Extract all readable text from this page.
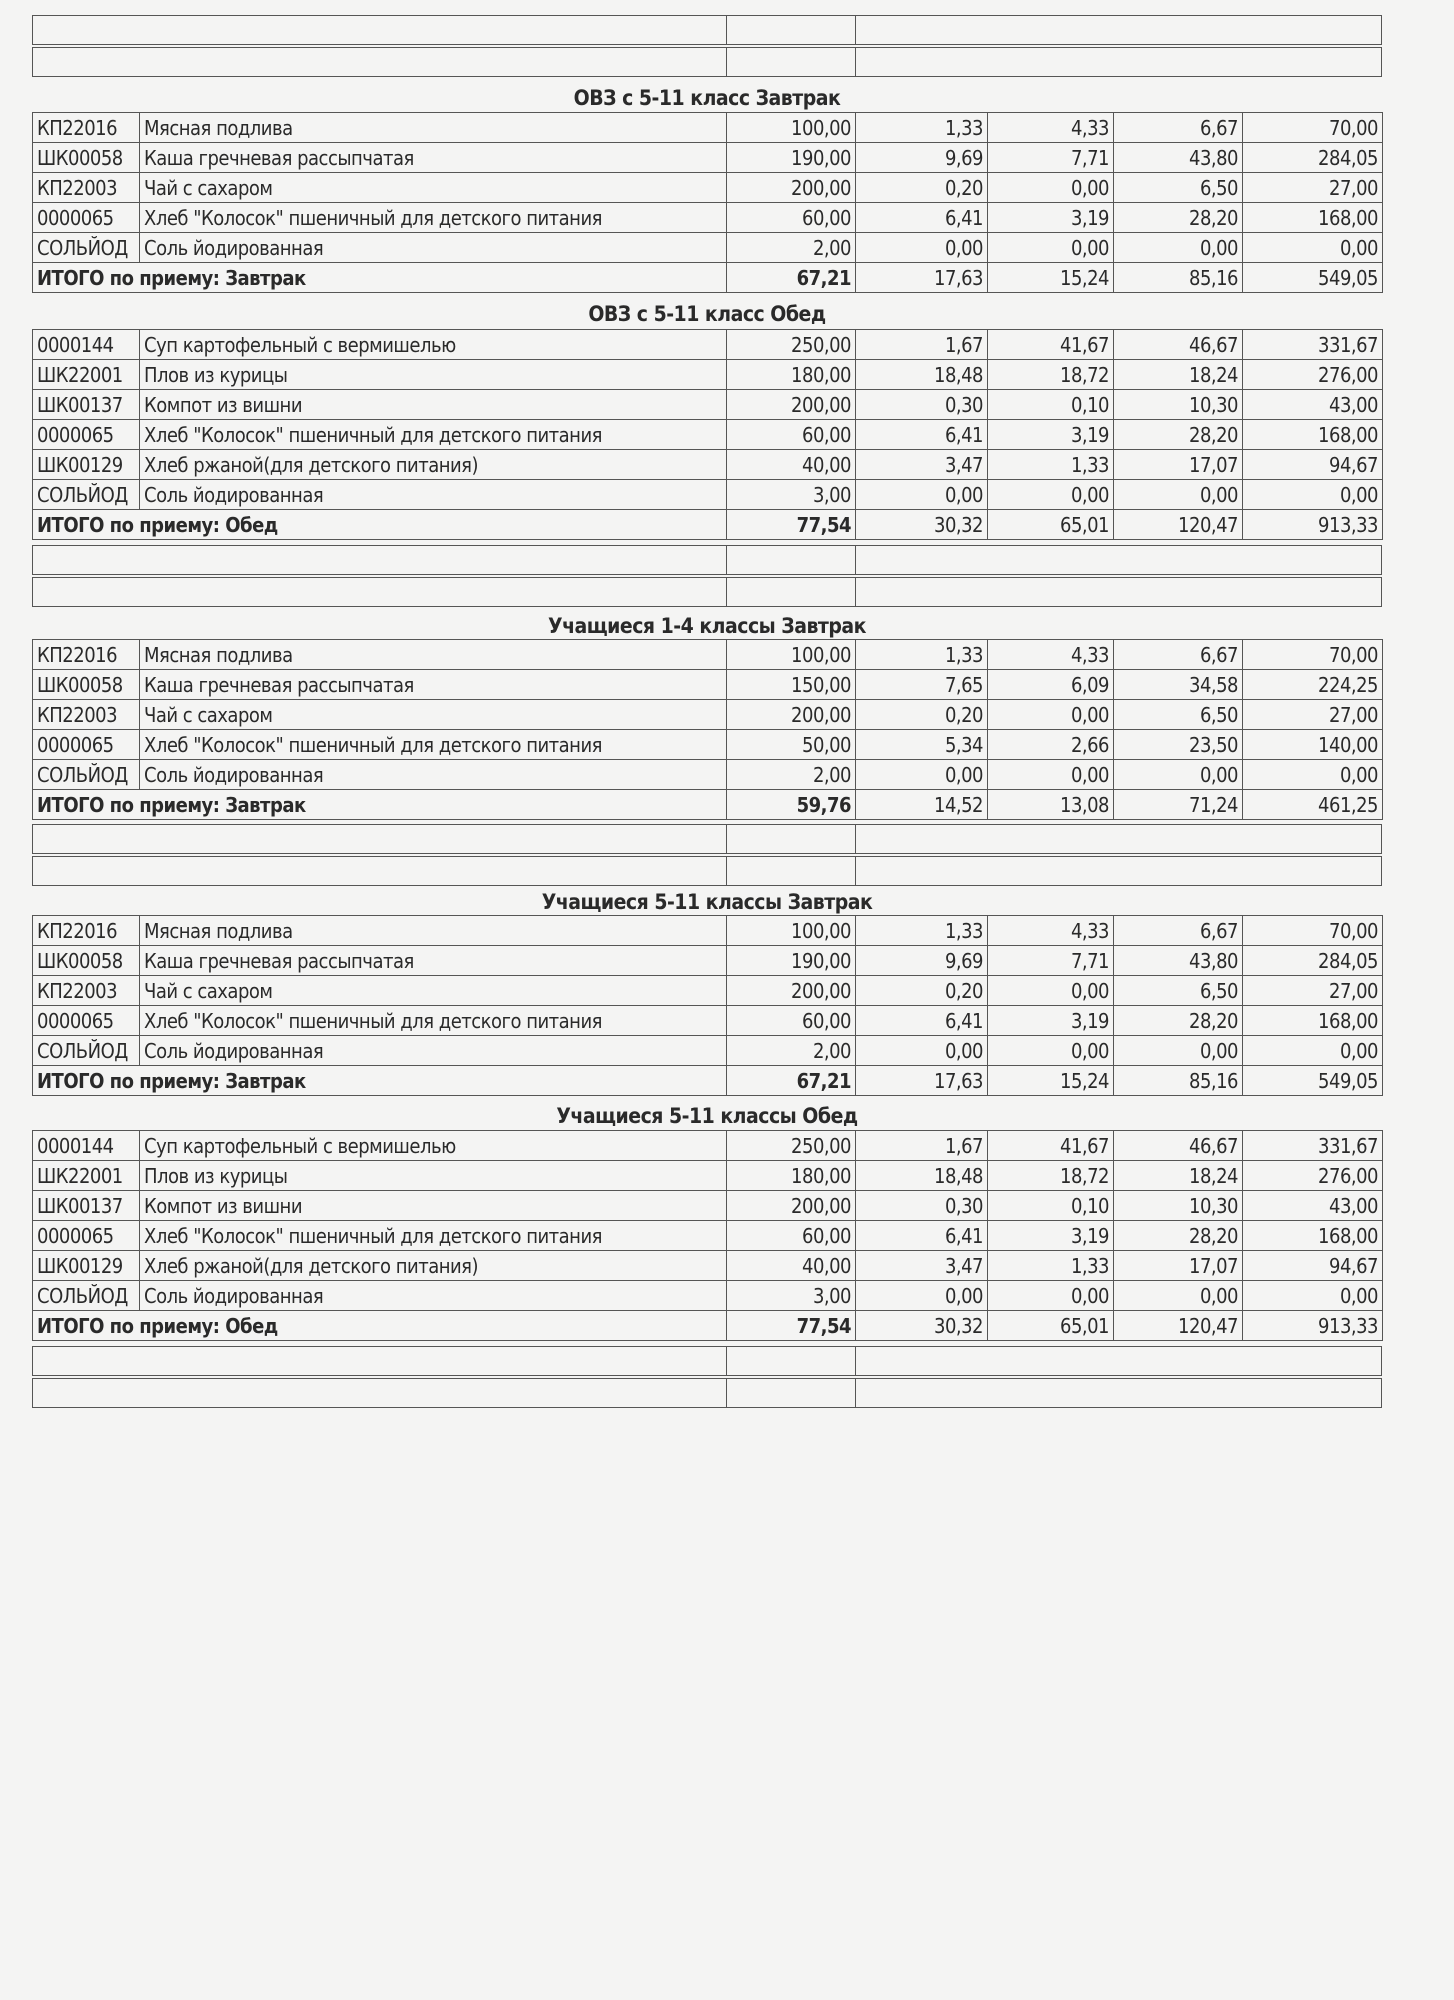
ОВЗ с 5-11 класс Завтрак
КП22016	Мясная подлива	100,00	1,33	4,33	6,67	70,00
ШК00058	Каша гречневая рассыпчатая	190,00	9,69	7,71	43,80	284,05
КП22003	Чай с сахаром	200,00	0,20	0,00	6,50	27,00
0000065	Хлеб "Колосок" пшеничный для детского питания	60,00	6,41	3,19	28,20	168,00
СОЛЬЙОД	Соль йодированная	2,00	0,00	0,00	0,00	0,00
ИТОГО по приему: Завтрак		67,21	17,63	15,24	85,16	549,05
ОВЗ с 5-11 класс Обед
0000144	Суп картофельный с вермишелью	250,00	1,67	41,67	46,67	331,67
ШК22001	Плов из курицы	180,00	18,48	18,72	18,24	276,00
ШК00137	Компот из вишни	200,00	0,30	0,10	10,30	43,00
0000065	Хлеб "Колосок" пшеничный для детского питания	60,00	6,41	3,19	28,20	168,00
ШК00129	Хлеб ржаной(для детского питания)	40,00	3,47	1,33	17,07	94,67
СОЛЬЙОД	Соль йодированная	3,00	0,00	0,00	0,00	0,00
ИТОГО по приему: Обед		77,54	30,32	65,01	120,47	913,33

Учащиеся 1-4 классы Завтрак
КП22016	Мясная подлива	100,00	1,33	4,33	6,67	70,00
ШК00058	Каша гречневая рассыпчатая	150,00	7,65	6,09	34,58	224,25
КП22003	Чай с сахаром	200,00	0,20	0,00	6,50	27,00
0000065	Хлеб "Колосок" пшеничный для детского питания	50,00	5,34	2,66	23,50	140,00
СОЛЬЙОД	Соль йодированная	2,00	0,00	0,00	0,00	0,00
ИТОГО по приему: Завтрак		59,76	14,52	13,08	71,24	461,25

Учащиеся 5-11 классы Завтрак
КП22016	Мясная подлива	100,00	1,33	4,33	6,67	70,00
ШК00058	Каша гречневая рассыпчатая	190,00	9,69	7,71	43,80	284,05
КП22003	Чай с сахаром	200,00	0,20	0,00	6,50	27,00
0000065	Хлеб "Колосок" пшеничный для детского питания	60,00	6,41	3,19	28,20	168,00
СОЛЬЙОД	Соль йодированная	2,00	0,00	0,00	0,00	0,00
ИТОГО по приему: Завтрак		67,21	17,63	15,24	85,16	549,05
Учащиеся 5-11 классы Обед
0000144	Суп картофельный с вермишелью	250,00	1,67	41,67	46,67	331,67
ШК22001	Плов из курицы	180,00	18,48	18,72	18,24	276,00
ШК00137	Компот из вишни	200,00	0,30	0,10	10,30	43,00
0000065	Хлеб "Колосок" пшеничный для детского питания	60,00	6,41	3,19	28,20	168,00
ШК00129	Хлеб ржаной(для детского питания)	40,00	3,47	1,33	17,07	94,67
СОЛЬЙОД	Соль йодированная	3,00	0,00	0,00	0,00	0,00
ИТОГО по приему: Обед		77,54	30,32	65,01	120,47	913,33
